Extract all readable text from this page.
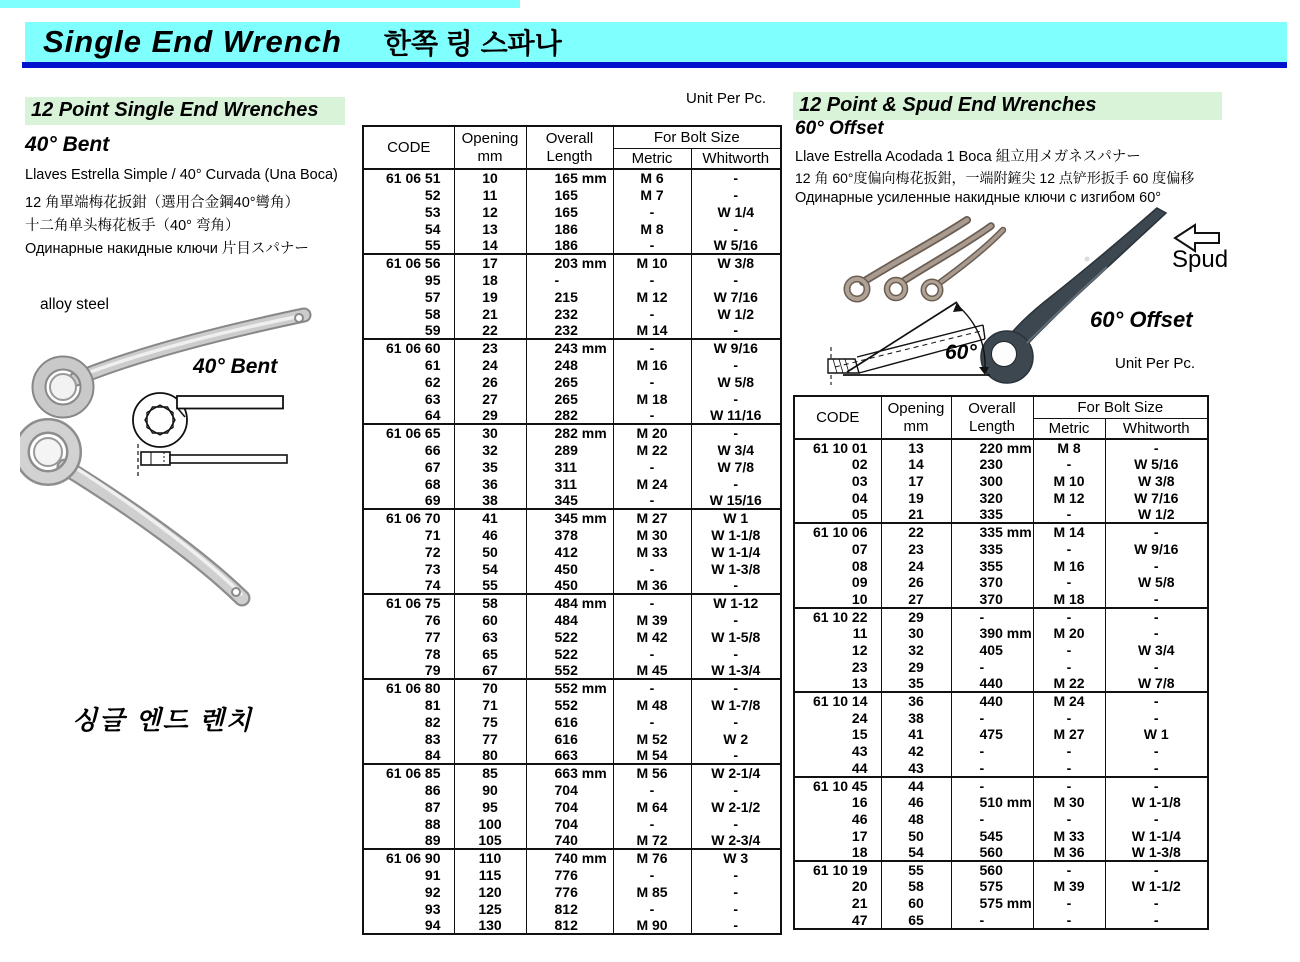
Single End Wrench 한쪽 링 스파나
12 Point Single End Wrenches
40° Bent
Llaves Estrella Simple / 40° Curvada (Una Boca)
12 角單端梅花扳鉗（選用合金鋼40°彎角）
十二角单头梅花板手（40° 弯角）
Одинарные накидные ключи 片目スパナー
alloy steel
40° Bent
싱글 엔드 렌치
Unit Per Pc.
CODE	
Opening
mm

Overall
Length
	For Bolt Size
			Metric	Whitworth
61 06 51	10	165 mm	M 6	-
52	11	165	M 7	-
53	12	165	-	W 1/4
54	13	186	M 8	-
55	14	186	-	W 5/16
61 06 56	17	203 mm	M 10	W 3/8
95	18	-	-	-
57	19	215	M 12	W 7/16
58	21	232	-	W 1/2
59	22	232	M 14	-
61 06 60	23	243 mm	-	W 9/16
61	24	248	M 16	-
62	26	265	-	W 5/8
63	27	265	M 18	-
64	29	282	-	W 11/16
61 06 65	30	282 mm	M 20	-
66	32	289	M 22	W 3/4
67	35	311	-	W 7/8
68	36	311	M 24	-
69	38	345	-	W 15/16
61 06 70	41	345 mm	M 27	W 1
71	46	378	M 30	W 1-1/8
72	50	412	M 33	W 1-1/4
73	54	450	-	W 1-3/8
74	55	450	M 36	-
61 06 75	58	484 mm	-	W 1-12
76	60	484	M 39	-
77	63	522	M 42	W 1-5/8
78	65	522	-	-
79	67	552	M 45	W 1-3/4
61 06 80	70	552 mm	-	-
81	71	552	M 48	W 1-7/8
82	75	616	-	-
83	77	616	M 52	W 2
84	80	663	M 54	-
61 06 85	85	663 mm	M 56	W 2-1/4
86	90	704	-	-
87	95	704	M 64	W 2-1/2
88	100	704	-	-
89	105	740	M 72	W 2-3/4
61 06 90	110	740 mm	M 76	W 3
91	115	776	-	-
92	120	776	M 85	-
93	125	812	-	-
94	130	812	M 90	-
12 Point & Spud End Wrenches
60° Offset
Llave Estrella Acodada 1 Boca 組立用メガネスパナー
12 角 60°度偏向梅花扳鉗，一端附鏟尖 12 点铲形扳手 60 度偏移
Одинарные усиленные накидные ключи с изгибом 60°
Spud
60° Offset
60°	Unit Per Pc.
CODE	
Opening
mm

Overall
Length
	For Bolt Size
			Metric	Whitworth
61 10 01	13	220 mm	M 8	-
02	14	230	-	W 5/16
03	17	300	M 10	W 3/8
04	19	320	M 12	W 7/16
05	21	335	-	W 1/2
61 10 06	22	335 mm	M 14	-
07	23	335	-	W 9/16
08	24	355	M 16	-
09	26	370	-	W 5/8
10	27	370	M 18	-
61 10 22	29	-	-	-
11	30	390 mm	M 20	-
12	32	405	-	W 3/4
23	29	-	-	-
13	35	440	M 22	W 7/8
61 10 14	36	440	M 24	-
24	38	-	-	-
15	41	475	M 27	W 1
43	42	-	-	-
44	43	-	-	-
61 10 45	44	-	-	-
16	46	510 mm	M 30	W 1-1/8
46	48	-	-	-
17	50	545	M 33	W 1-1/4
18	54	560	M 36	W 1-3/8
61 10 19	55	560	-	-
20	58	575	M 39	W 1-1/2
21	60	575 mm	-	-
47	65	-	-	-
